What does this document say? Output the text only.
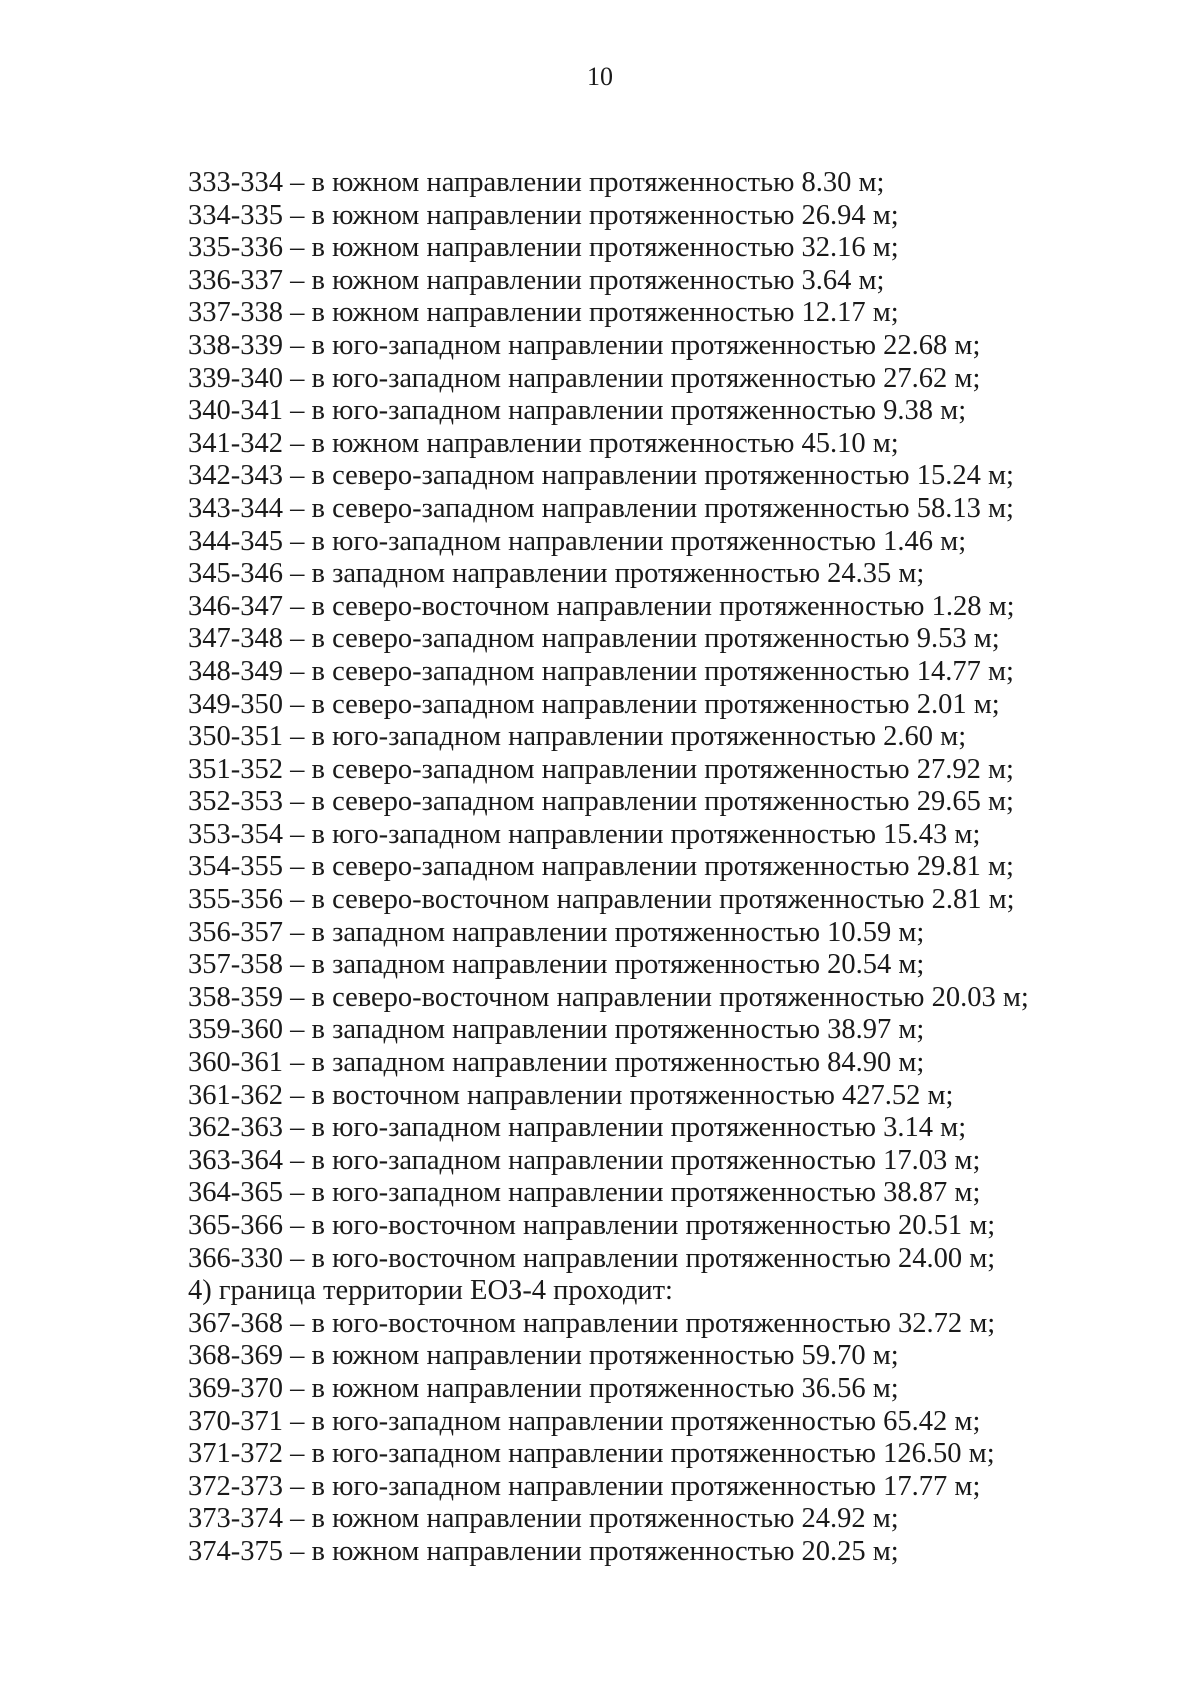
10
333-334 – в южном направлении протяженностью 8.30 м;
334-335 – в южном направлении протяженностью 26.94 м;
335-336 – в южном направлении протяженностью 32.16 м;
336-337 – в южном направлении протяженностью 3.64 м;
337-338 – в южном направлении протяженностью 12.17 м;
338-339 – в юго-западном направлении протяженностью 22.68 м;
339-340 – в юго-западном направлении протяженностью 27.62 м;
340-341 – в юго-западном направлении протяженностью 9.38 м;
341-342 – в южном направлении протяженностью 45.10 м;
342-343 – в северо-западном направлении протяженностью 15.24 м;
343-344 – в северо-западном направлении протяженностью 58.13 м;
344-345 – в юго-западном направлении протяженностью 1.46 м;
345-346 – в западном направлении протяженностью 24.35 м;
346-347 – в северо-восточном направлении протяженностью 1.28 м;
347-348 – в северо-западном направлении протяженностью 9.53 м;
348-349 – в северо-западном направлении протяженностью 14.77 м;
349-350 – в северо-западном направлении протяженностью 2.01 м;
350-351 – в юго-западном направлении протяженностью 2.60 м;
351-352 – в северо-западном направлении протяженностью 27.92 м;
352-353 – в северо-западном направлении протяженностью 29.65 м;
353-354 – в юго-западном направлении протяженностью 15.43 м;
354-355 – в северо-западном направлении протяженностью 29.81 м;
355-356 – в северо-восточном направлении протяженностью 2.81 м;
356-357 – в западном направлении протяженностью 10.59 м;
357-358 – в западном направлении протяженностью 20.54 м;
358-359 – в северо-восточном направлении протяженностью 20.03 м;
359-360 – в западном направлении протяженностью 38.97 м;
360-361 – в западном направлении протяженностью 84.90 м;
361-362 – в восточном направлении протяженностью 427.52 м;
362-363 – в юго-западном направлении протяженностью 3.14 м;
363-364 – в юго-западном направлении протяженностью 17.03 м;
364-365 – в юго-западном направлении протяженностью 38.87 м;
365-366 – в юго-восточном направлении протяженностью 20.51 м;
366-330 – в юго-восточном направлении протяженностью 24.00 м;
4) граница территории ЕОЗ-4 проходит:
367-368 – в юго-восточном направлении протяженностью 32.72 м;
368-369 – в южном направлении протяженностью 59.70 м;
369-370 – в южном направлении протяженностью 36.56 м;
370-371 – в юго-западном направлении протяженностью 65.42 м;
371-372 – в юго-западном направлении протяженностью 126.50 м;
372-373 – в юго-западном направлении протяженностью 17.77 м;
373-374 – в южном направлении протяженностью 24.92 м;
374-375 – в южном направлении протяженностью 20.25 м;
